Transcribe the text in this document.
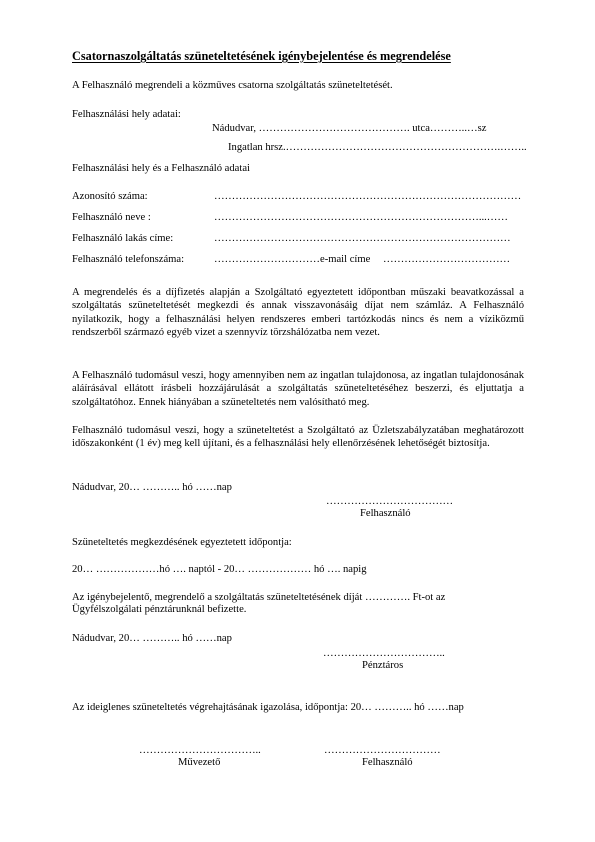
Csatornaszolgáltatás szüneteltetésének igénybejelentése és megrendelése
A Felhasználó megrendeli a közműves csatorna szolgáltatás szüneteltetését.
Felhasználási hely adatai:
Nádudvar, ……………………………………. utca………..…sz
Ingatlan hrsz.…………………………………………………….……..
Felhasználási hely és a Felhasználó adatai
Azonosító száma:	……………………………………………………………………………
Felhasználó neve :	…………………………………………………………………...……
Felhasználó lakás címe:	…………………………………………………………………………
Felhasználó telefonszáma:	………………………… e-mail címe ………………………………
A megrendelés és a díjfizetés alapján a Szolgáltató egyeztetett időpontban műszaki beavatkozással a szolgáltatás szüneteltetését megkezdi és annak visszavonásáig díjat nem számláz. A Felhasználó nyilatkozik, hogy a felhasználási helyen rendszeres emberi tartózkodás nincs és nem a víziközmű rendszerből származó egyéb vizet a szennyvíz törzshálózatba nem vezet.
A Felhasználó tudomásul veszi, hogy amennyiben nem az ingatlan tulajdonosa, az ingatlan tulajdonosának aláírásával ellátott írásbeli hozzájárulását a szolgáltatás szüneteltetéséhez beszerzi, és eljuttatja a szolgáltatóhoz. Ennek hiányában a szüneteltetés nem valósítható meg.
Felhasználó tudomásul veszi, hogy a szüneteltetést a Szolgáltató az Üzletszabályzatában meghatározott időszakonként (1 év) meg kell újítani, és a felhasználási hely ellenőrzésének lehetőségét biztosítja.
Nádudvar, 20… ……….. hó ……nap
………………………………
Felhasználó
Szüneteltetés megkezdésének egyeztetett időpontja:
20… ………………hó …. naptól - 20… ……………… hó …. napig
Az igénybejelentő, megrendelő a szolgáltatás szüneteltetésének díját …………. Ft-ot az
Ügyfélszolgálati pénztárunknál befizette.
Nádudvar, 20… ……….. hó ……nap
……………………………..
Pénztáros
Az ideiglenes szüneteltetés végrehajtásának igazolása, időpontja: 20… ……….. hó ……nap
……………………………..
Művezető
……………………………
Felhasználó
